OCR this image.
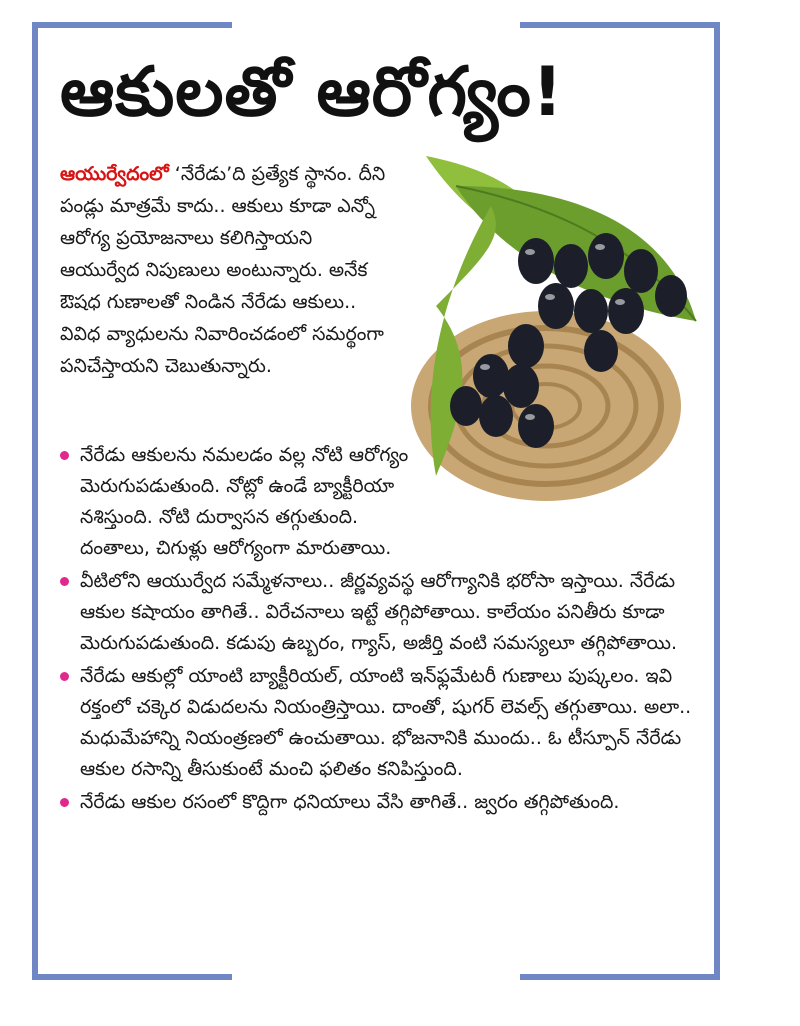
ఆకులతో ఆరోగ్యం!
ఆయుర్వేదంలో ‘నేరేడు’ది ప్రత్యేక స్థానం. దీని పండ్లు మాత్రమే కాదు.. ఆకులు కూడా ఎన్నో ఆరోగ్య ప్రయోజనాలు కలిగిస్తాయని ఆయుర్వేద నిపుణులు అంటున్నారు. అనేక ఔషధ గుణాలతో నిండిన నేరేడు ఆకులు.. వివిధ వ్యాధులను నివారించడంలో సమర్థంగా పనిచేస్తాయని చెబుతున్నారు.
నేరేడు ఆకులను నమలడం వల్ల నోటి ఆరోగ్యం మెరుగుపడుతుంది. నోట్లో ఉండే బ్యాక్టీరియా నశిస్తుంది. నోటి దుర్వాసన తగ్గుతుంది. దంతాలు, చిగుళ్లు ఆరోగ్యంగా మారుతాయి.
వీటిలోని ఆయుర్వేద సమ్మేళనాలు.. జీర్ణవ్యవస్థ ఆరోగ్యానికి భరోసా ఇస్తాయి. నేరేడు ఆకుల కషాయం తాగితే.. విరేచనాలు ఇట్టే తగ్గిపోతాయి. కాలేయం పనితీరు కూడా మెరుగుపడుతుంది. కడుపు ఉబ్బరం, గ్యాస్, అజీర్తి వంటి సమస్యలూ తగ్గిపోతాయి.
నేరేడు ఆకుల్లో యాంటి బ్యాక్టీరియల్, యాంటి ఇన్‌ఫ్లమేటరీ గుణాలు పుష్కలం. ఇవి రక్తంలో చక్కెర విడుదలను నియంత్రిస్తాయి. దాంతో, షుగర్ లెవల్స్ తగ్గుతాయి. అలా.. మధుమేహాన్ని నియంత్రణలో ఉంచుతాయి. భోజనానికి ముందు.. ఓ టీస్పూన్ నేరేడు ఆకుల రసాన్ని తీసుకుంటే మంచి ఫలితం కనిపిస్తుంది.
నేరేడు ఆకుల రసంలో కొద్దిగా ధనియాలు వేసి తాగితే.. జ్వరం తగ్గిపోతుంది.
